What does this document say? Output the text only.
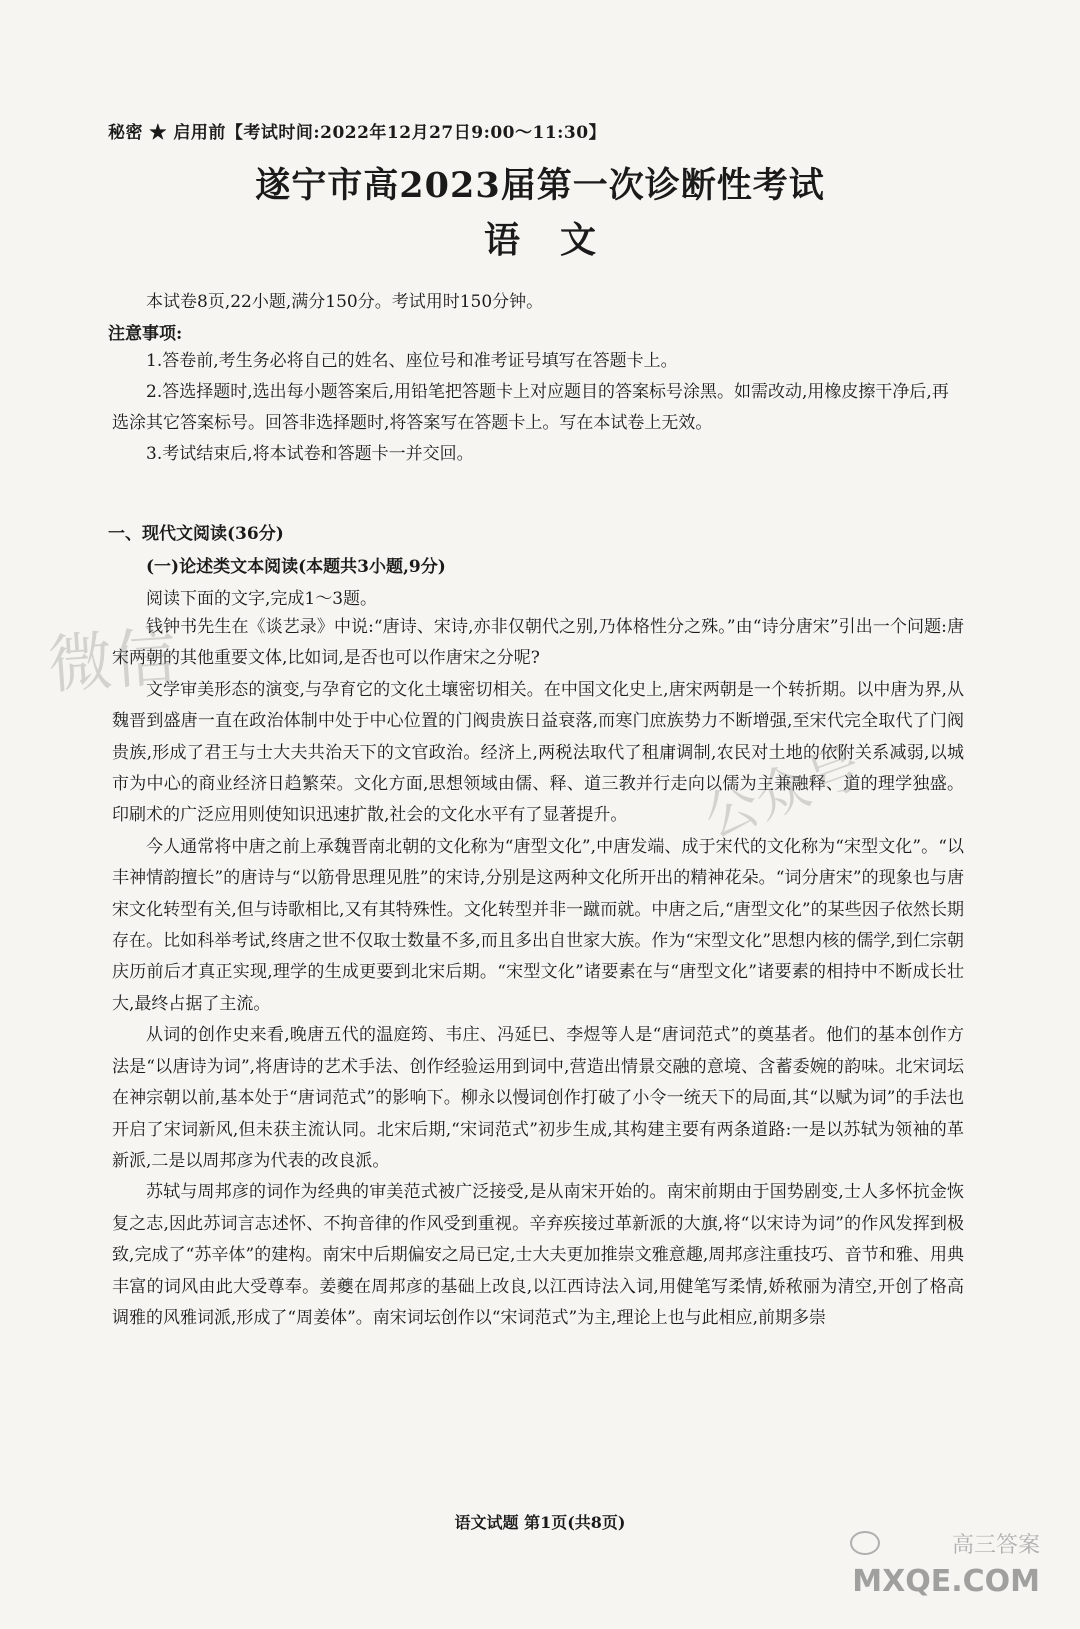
秘密 ★ 启用前【考试时间:2022年12月27日9:00～11:30】
遂宁市高2023届第一次诊断性考试
语文
本试卷8页,22小题,满分150分。考试用时150分钟。
注意事项:

1.答卷前,考生务必将自己的姓名、座位号和准考证号填写在答题卡上。

2.答选择题时,选出每小题答案后,用铅笔把答题卡上对应题目的答案标号涂黑。如需改动,用橡皮擦干净后,再选涂其它答案标号。回答非选择题时,将答案写在答题卡上。写在本试卷上无效。

3.考试结束后,将本试卷和答题卡一并交回。

一、现代文阅读(36分)
(一)论述类文本阅读(本题共3小题,9分)
阅读下面的文字,完成1～3题。

钱钟书先生在《谈艺录》中说:“唐诗、宋诗,亦非仅朝代之别,乃体格性分之殊。”由“诗分唐宋”引出一个问题:唐宋两朝的其他重要文体,比如词,是否也可以作唐宋之分呢?

文学审美形态的演变,与孕育它的文化土壤密切相关。在中国文化史上,唐宋两朝是一个转折期。以中唐为界,从魏晋到盛唐一直在政治体制中处于中心位置的门阀贵族日益衰落,而寒门庶族势力不断增强,至宋代完全取代了门阀贵族,形成了君王与士大夫共治天下的文官政治。经济上,两税法取代了租庸调制,农民对土地的依附关系减弱,以城市为中心的商业经济日趋繁荣。文化方面,思想领域由儒、释、道三教并行走向以儒为主兼融释、道的理学独盛。印刷术的广泛应用则使知识迅速扩散,社会的文化水平有了显著提升。

今人通常将中唐之前上承魏晋南北朝的文化称为“唐型文化”,中唐发端、成于宋代的文化称为“宋型文化”。“以丰神情韵擅长”的唐诗与“以筋骨思理见胜”的宋诗,分别是这两种文化所开出的精神花朵。“词分唐宋”的现象也与唐宋文化转型有关,但与诗歌相比,又有其特殊性。文化转型并非一蹴而就。中唐之后,“唐型文化”的某些因子依然长期存在。比如科举考试,终唐之世不仅取士数量不多,而且多出自世家大族。作为“宋型文化”思想内核的儒学,到仁宗朝庆历前后才真正实现,理学的生成更要到北宋后期。“宋型文化”诸要素在与“唐型文化”诸要素的相持中不断成长壮大,最终占据了主流。

从词的创作史来看,晚唐五代的温庭筠、韦庄、冯延巳、李煜等人是“唐词范式”的奠基者。他们的基本创作方法是“以唐诗为词”,将唐诗的艺术手法、创作经验运用到词中,营造出情景交融的意境、含蓄委婉的韵味。北宋词坛在神宗朝以前,基本处于“唐词范式”的影响下。柳永以慢词创作打破了小令一统天下的局面,其“以赋为词”的手法也开启了宋词新风,但未获主流认同。北宋后期,“宋词范式”初步生成,其构建主要有两条道路:一是以苏轼为领袖的革新派,二是以周邦彦为代表的改良派。

苏轼与周邦彦的词作为经典的审美范式被广泛接受,是从南宋开始的。南宋前期由于国势剧变,士人多怀抗金恢复之志,因此苏词言志述怀、不拘音律的作风受到重视。辛弃疾接过革新派的大旗,将“以宋诗为词”的作风发挥到极致,完成了“苏辛体”的建构。南宋中后期偏安之局已定,士大夫更加推崇文雅意趣,周邦彦注重技巧、音节和雅、用典丰富的词风由此大受尊奉。姜夔在周邦彦的基础上改良,以江西诗法入词,用健笔写柔情,娇秾丽为清空,开创了格高调雅的风雅词派,形成了“周姜体”。南宋词坛创作以“宋词范式”为主,理论上也与此相应,前期多崇

语文试题 第1页(共8页)
微信
公众号
高三答案
MXQE.COM
